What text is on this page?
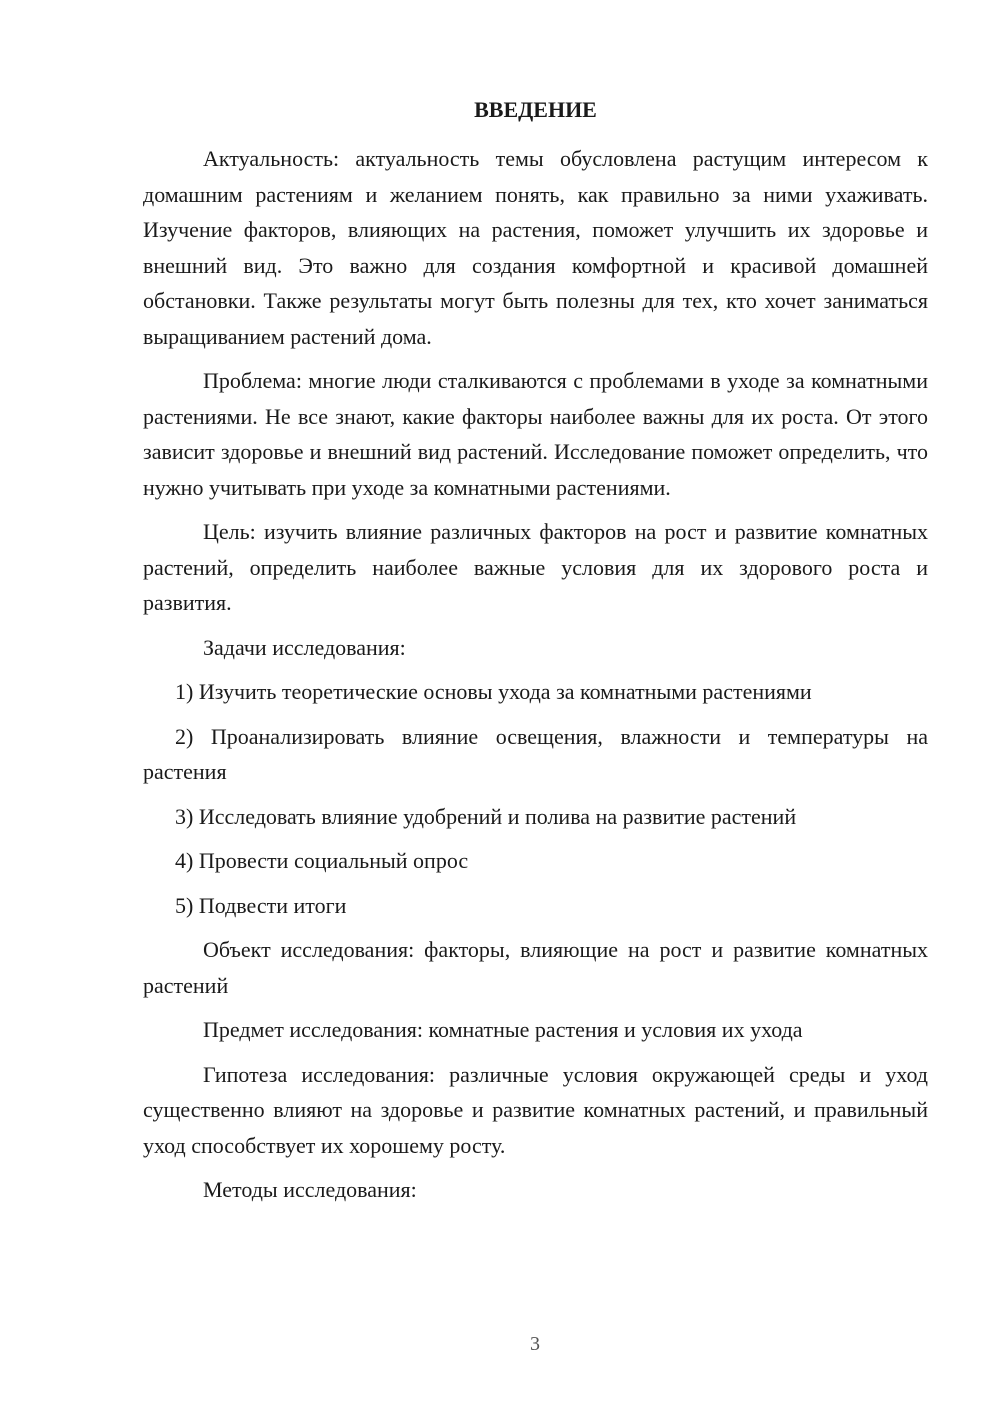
ВВЕДЕНИЕ

Актуальность: актуальность темы обусловлена растущим интересом к домашним растениям и желанием понять, как правильно за ними ухаживать. Изучение факторов, влияющих на растения, поможет улучшить их здоровье и внешний вид. Это важно для создания комфортной и красивой домашней обстановки. Также результаты могут быть полезны для тех, кто хочет заниматься выращиванием растений дома.

Проблема: многие люди сталкиваются с проблемами в уходе за комнатными растениями. Не все знают, какие факторы наиболее важны для их роста. От этого зависит здоровье и внешний вид растений. Исследование поможет определить, что нужно учитывать при уходе за комнатными растениями.

Цель: изучить влияние различных факторов на рост и развитие комнатных растений, определить наиболее важные условия для их здорового роста и развития.

Задачи исследования:

1) Изучить теоретические основы ухода за комнатными растениями

2) Проанализировать влияние освещения, влажности и температуры на растения

3) Исследовать влияние удобрений и полива на развитие растений

4) Провести социальный опрос

5) Подвести итоги

Объект исследования: факторы, влияющие на рост и развитие комнатных растений

Предмет исследования: комнатные растения и условия их ухода

Гипотеза исследования: различные условия окружающей среды и уход существенно влияют на здоровье и развитие комнатных растений, и правильный уход способствует их хорошему росту.

Методы исследования:

3
